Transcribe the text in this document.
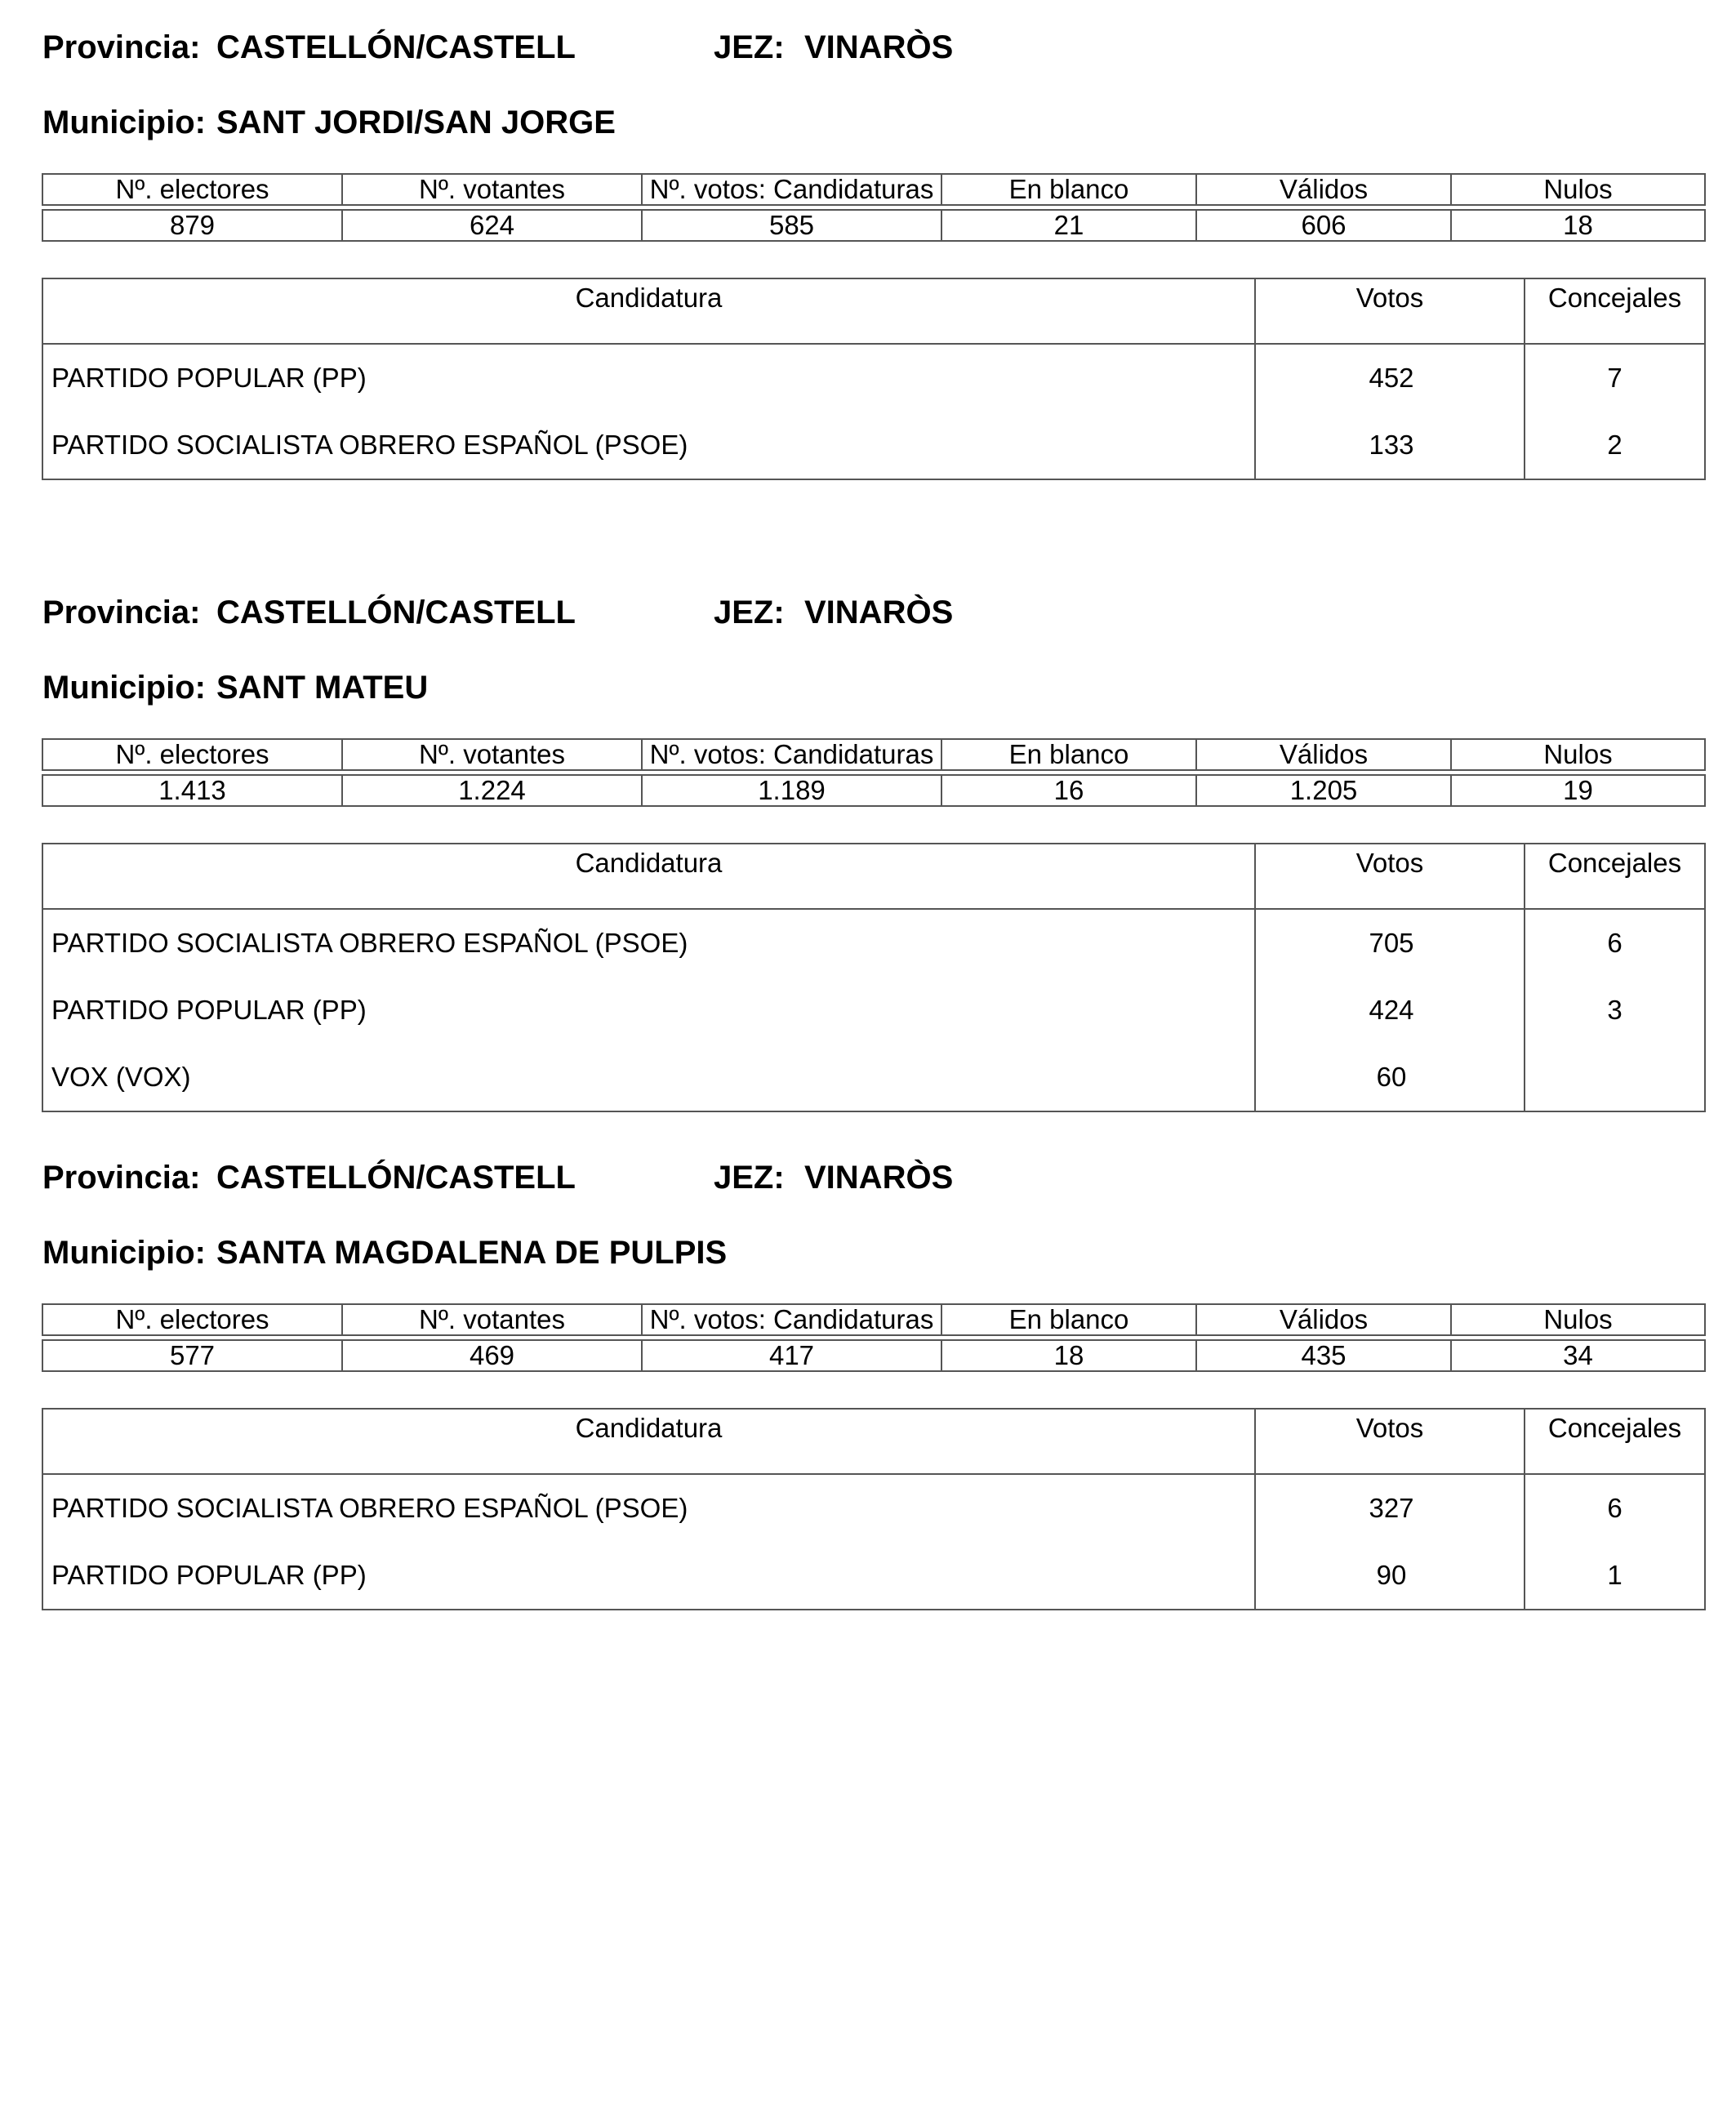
Provincia: CASTELLÓN/CASTELL	JEZ: VINARÒS
Municipio: SANT JORDI/SAN JORGE
Nº. electores	Nº. votantes	Nº. votos: Candidaturas	En blanco	Válidos	Nulos

879	624	585	21	606	18
Candidatura	Votos	Concejales
PARTIDO POPULAR (PP)	452	7
PARTIDO SOCIALISTA OBRERO ESPAÑOL (PSOE)	133	2
Provincia: CASTELLÓN/CASTELL	JEZ: VINARÒS
Municipio: SANT MATEU
Nº. electores	Nº. votantes	Nº. votos: Candidaturas	En blanco	Válidos	Nulos

1.413	1.224	1.189	16	1.205	19
Candidatura	Votos	Concejales
PARTIDO SOCIALISTA OBRERO ESPAÑOL (PSOE)	705	6
PARTIDO POPULAR (PP)	424	3
VOX (VOX)	60	
Provincia: CASTELLÓN/CASTELL	JEZ: VINARÒS
Municipio: SANTA MAGDALENA DE PULPIS
Nº. electores	Nº. votantes	Nº. votos: Candidaturas	En blanco	Válidos	Nulos

577	469	417	18	435	34
Candidatura	Votos	Concejales
PARTIDO SOCIALISTA OBRERO ESPAÑOL (PSOE)	327	6
PARTIDO POPULAR (PP)	90	1
